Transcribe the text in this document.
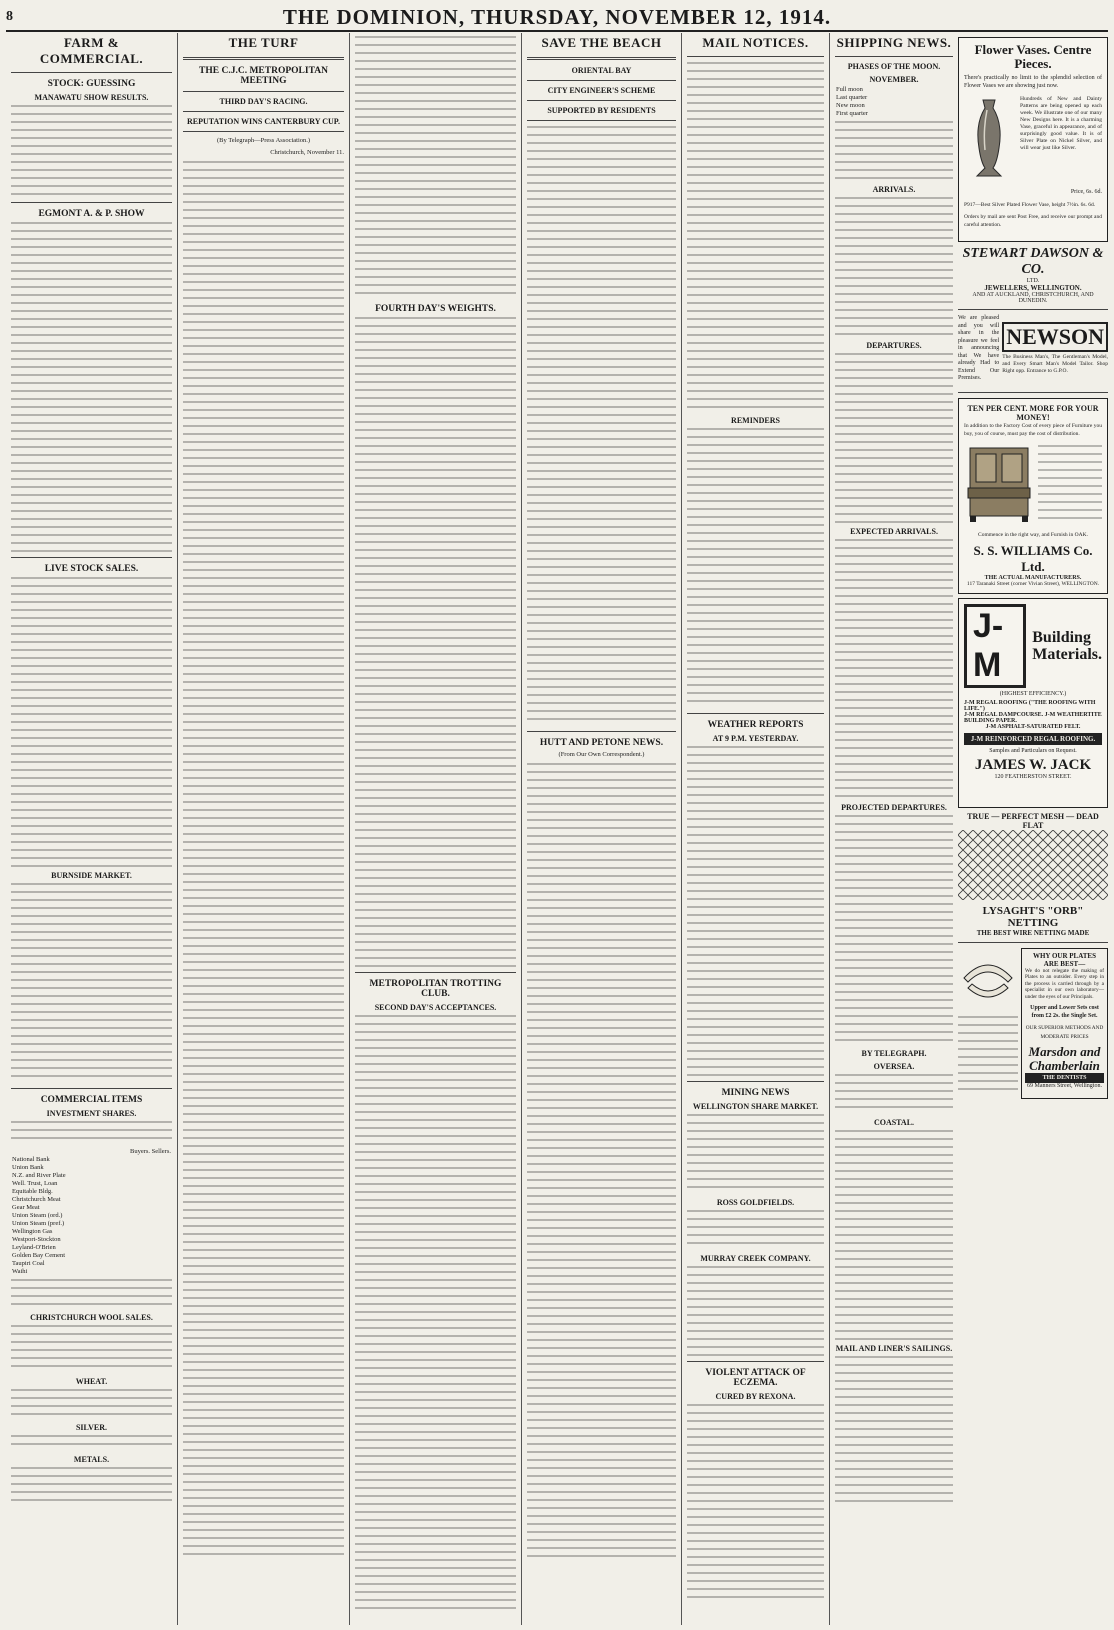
8	THE DOMINION, THURSDAY, NOVEMBER 12, 1914.
FARM & COMMERCIAL.
STOCK: GUESSING
MANAWATU SHOW RESULTS.
EGMONT A. & P. SHOW
LIVE STOCK SALES.
BURNSIDE MARKET.
COMMERCIAL ITEMS
INVESTMENT SHARES.
	Buyers. Sellers.	
National Bank		
Union Bank		
N.Z. and River Plate		
Well. Trust, Loan		
Equitable Bldg.		
Christchurch Meat		
Gear Meat		
Union Steam (ord.)		
Union Steam (pref.)		
Wellington Gas		
Westport-Stockton		
Leyland-O'Brien		
Golden Bay Cement		
Taupiri Coal		
Waihi		
CHRISTCHURCH WOOL SALES.
WHEAT.
SILVER.
METALS.
THE TURF
THE C.J.C. METROPOLITAN MEETING
THIRD DAY'S RACING.
REPUTATION WINS CANTERBURY CUP.

(By Telegraph—Press Association.)

Christchurch, November 11.

FOURTH DAY'S WEIGHTS.
METROPOLITAN TROTTING CLUB.
SECOND DAY'S ACCEPTANCES.
SAVE THE BEACH
ORIENTAL BAY
CITY ENGINEER'S SCHEME
SUPPORTED BY RESIDENTS
HUTT AND PETONE NEWS.

(From Our Own Correspondent.)

MAIL NOTICES.
REMINDERS
WEATHER REPORTS
AT 9 P.M. YESTERDAY.
MINING NEWS
WELLINGTON SHARE MARKET.
ROSS GOLDFIELDS.
MURRAY CREEK COMPANY.
VIOLENT ATTACK OF ECZEMA.
CURED BY REXONA.
SHIPPING NEWS.
PHASES OF THE MOON.
NOVEMBER.
Full moon		
Last quarter		
New moon		
First quarter		
ARRIVALS.
DEPARTURES.
EXPECTED ARRIVALS.
PROJECTED DEPARTURES.
BY TELEGRAPH.
OVERSEA.
COASTAL.
MAIL AND LINER'S SAILINGS.
Flower Vases. Centre Pieces.

There's practically no limit to the splendid selection of Flower Vases we are showing just now.

Hundreds of New and Dainty Patterns are being opened up each week. We illustrate one of our many New Designs here. It is a charming Vase, graceful in appearance, and of surprisingly good value. It is of Silver Plate on Nickel Silver, and will wear just like Silver.

Price, 6s. 6d.

P917—Best Silver Plated Flower Vase, height 7½in. 6s. 6d.

Orders by mail are sent Post Free, and receive our prompt and careful attention.

STEWART DAWSON & CO.
LTD.
JEWELLERS, WELLINGTON.
AND AT AUCKLAND, CHRISTCHURCH, AND DUNEDIN.

We are pleased and you will share in the pleasure we feel in announcing that We have already Had to Extend Our Premises.

NEWSON

The Business Man's, The Gentleman's Model, and Every Smart Man's Model Tailor. Shop Right opp. Entrance to G.P.O.

TEN PER CENT. MORE FOR YOUR MONEY!

In addition to the Factory Cost of every piece of Furniture you buy, you of course, must pay the cost of distribution.

Commence in the right way, and Furnish in OAK.

S. S. WILLIAMS Co. Ltd.
THE ACTUAL MANUFACTURERS.
117 Taranaki Street (corner Vivian Street), WELLINGTON.
J-M
Building
Materials.
(HIGHEST EFFICIENCY.)
J-M REGAL ROOFING ("THE ROOFING WITH LIFE.")
J-M REGAL DAMPCOURSE. J-M WEATHERTITE BUILDING PAPER.
J-M ASPHALT-SATURATED FELT.
J-M REINFORCED REGAL ROOFING.
Samples and Particulars on Request.
JAMES W. JACK
120 FEATHERSTON STREET.
TRUE — PERFECT MESH — DEAD FLAT
LYSAGHT'S "ORB" NETTING
THE BEST WIRE NETTING MADE
WHY OUR PLATES ARE BEST—

We do not relegate the making of Plates to an outsider. Every step in the process is carried through by a specialist in our own laboratory—under the eyes of our Principals.

Upper and Lower Sets cost from £2 2s. the Single Set.

OUR SUPERIOR METHODS AND MODERATE PRICES

Marsdon and Chamberlain
THE DENTISTS
69 Manners Street, Wellington.
